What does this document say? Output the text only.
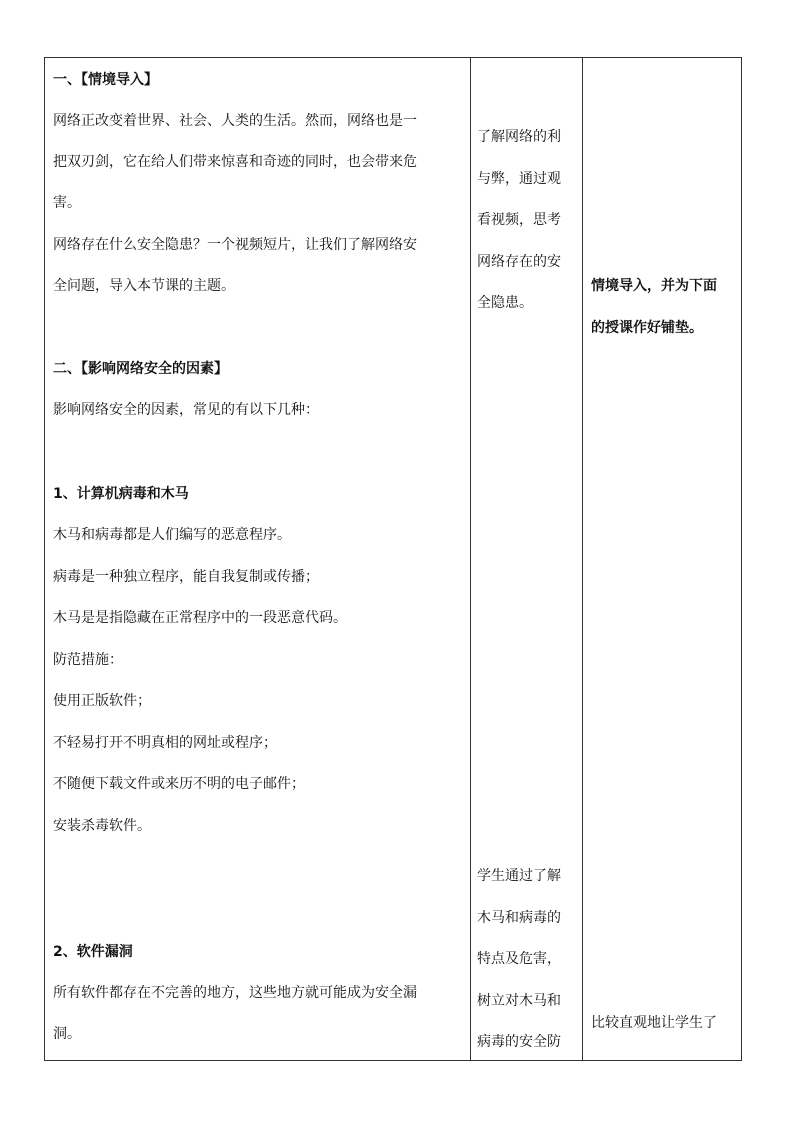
一、【情境导入】

网络正改变着世界、社会、人类的生活。然而，网络也是一

把双刃剑，它在给人们带来惊喜和奇迹的同时，也会带来危

害。

网络存在什么安全隐患？一个视频短片，让我们了解网络安

全问题，导入本节课的主题。

二、【影响网络安全的因素】

影响网络安全的因素，常见的有以下几种：

1、计算机病毒和木马

木马和病毒都是人们编写的恶意程序。

病毒是一种独立程序，能自我复制或传播；

木马是是指隐藏在正常程序中的一段恶意代码。

防范措施：

使用正版软件；

不轻易打开不明真相的网址或程序；

不随便下载文件或来历不明的电子邮件；

安装杀毒软件。

2、软件漏洞

所有软件都存在不完善的地方，这些地方就可能成为安全漏

洞。

了解网络的利

与弊，通过观

看视频，思考

网络存在的安

全隐患。

学生通过了解

木马和病毒的

特点及危害，

树立对木马和

病毒的安全防

情境导入，并为下面

的授课作好铺垫。

比较直观地让学生了
